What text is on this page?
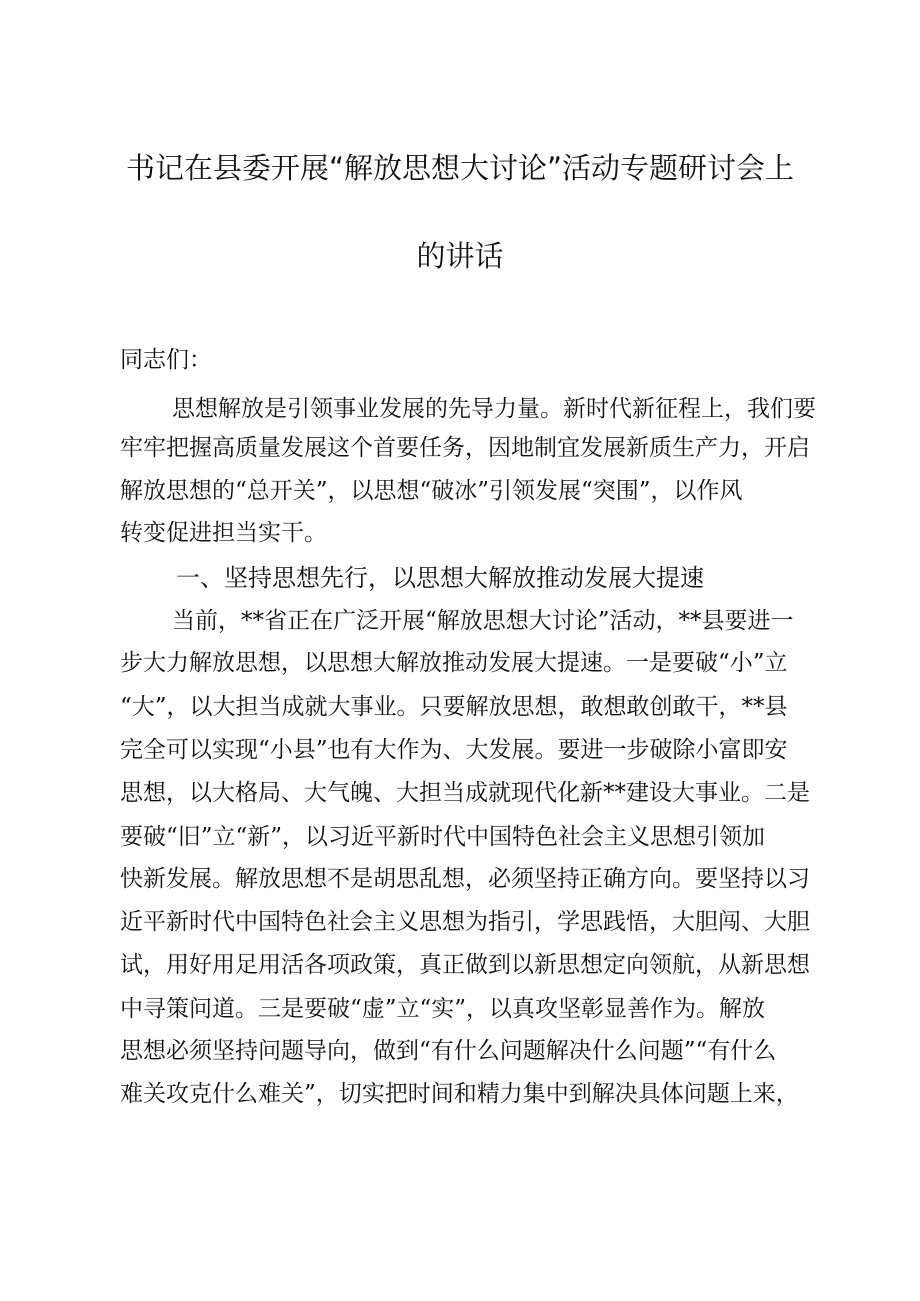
书记在县委开展“解放思想大讨论”活动专题研讨会上
的讲话
同志们：
思想解放是引领事业发展的先导力量。新时代新征程上，我们要
牢牢把握高质量发展这个首要任务，因地制宜发展新质生产力，开启
解放思想的“总开关”，以思想“破冰”引领发展“突围”，以作风
转变促进担当实干。
一、坚持思想先行，以思想大解放推动发展大提速
当前，**省正在广泛开展“解放思想大讨论”活动，**县要进一
步大力解放思想，以思想大解放推动发展大提速。一是要破“小”立
“大”，以大担当成就大事业。只要解放思想，敢想敢创敢干，**县
完全可以实现“小县”也有大作为、大发展。要进一步破除小富即安
思想，以大格局、大气魄、大担当成就现代化新**建设大事业。二是
要破“旧”立“新”，以习近平新时代中国特色社会主义思想引领加
快新发展。解放思想不是胡思乱想，必须坚持正确方向。要坚持以习
近平新时代中国特色社会主义思想为指引，学思践悟，大胆闯、大胆
试，用好用足用活各项政策，真正做到以新思想定向领航，从新思想
中寻策问道。三是要破“虚”立“实”，以真攻坚彰显善作为。解放
思想必须坚持问题导向，做到“有什么问题解决什么问题”“有什么
难关攻克什么难关”，切实把时间和精力集中到解决具体问题上来，
